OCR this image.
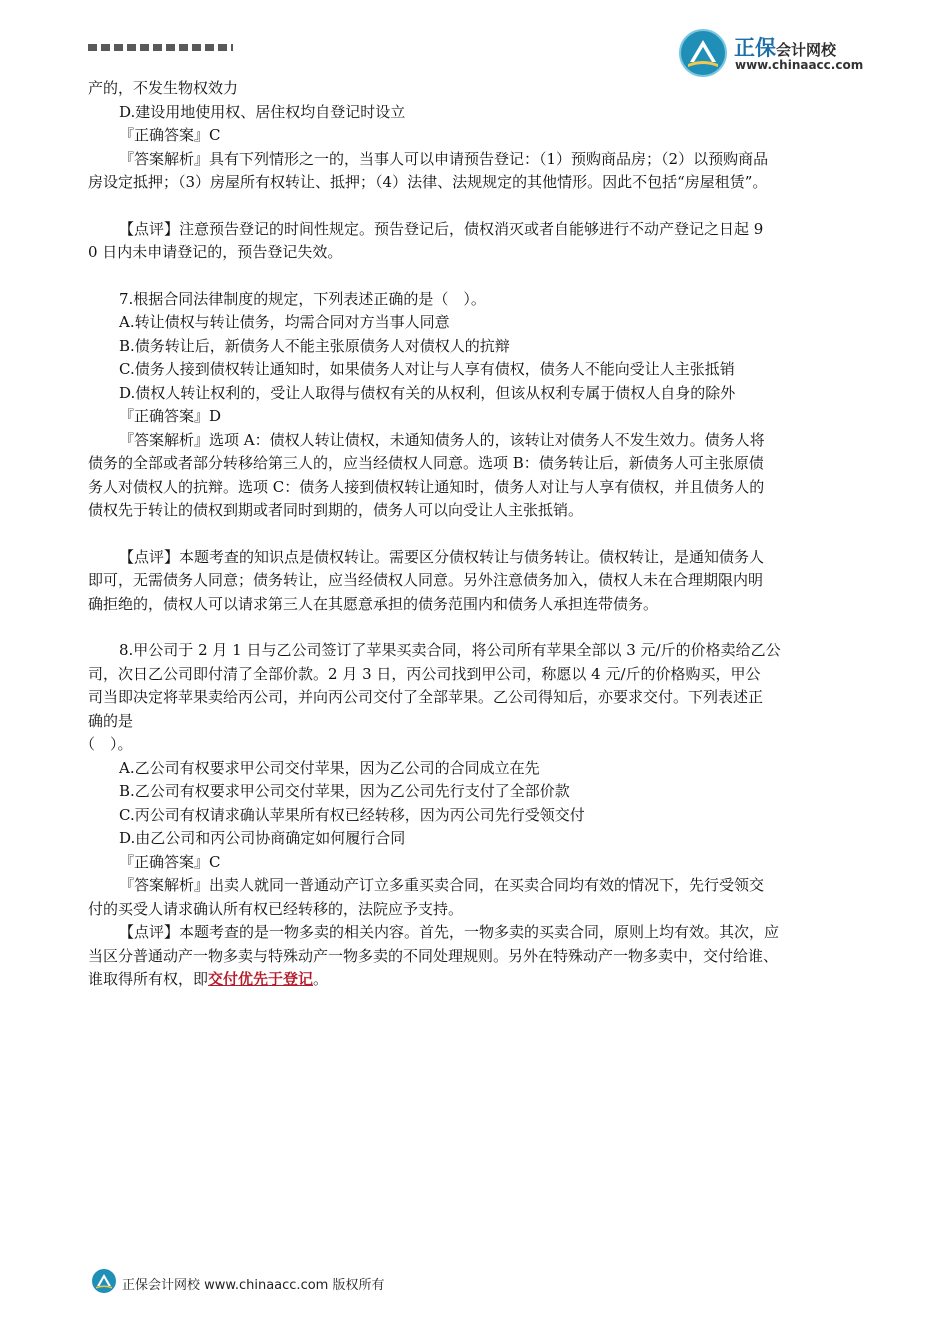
正保会计网校
www.chinaacc.com
产的，不发生物权效力
D.建设用地使用权、居住权均自登记时设立
『正确答案』C
『答案解析』具有下列情形之一的，当事人可以申请预告登记：（1）预购商品房；（2）以预购商品
房设定抵押；（3）房屋所有权转让、抵押；（4）法律、法规规定的其他情形。因此不包括“房屋租赁”。
【点评】注意预告登记的时间性规定。预告登记后，债权消灭或者自能够进行不动产登记之日起 9
0 日内未申请登记的，预告登记失效。
7.根据合同法律制度的规定，下列表述正确的是（　）。
A.转让债权与转让债务，均需合同对方当事人同意
B.债务转让后，新债务人不能主张原债务人对债权人的抗辩
C.债务人接到债权转让通知时，如果债务人对让与人享有债权，债务人不能向受让人主张抵销
D.债权人转让权利的，受让人取得与债权有关的从权利，但该从权利专属于债权人自身的除外
『正确答案』D
『答案解析』选项 A：债权人转让债权，未通知债务人的，该转让对债务人不发生效力。债务人将
债务的全部或者部分转移给第三人的，应当经债权人同意。选项 B：债务转让后，新债务人可主张原债
务人对债权人的抗辩。选项 C：债务人接到债权转让通知时，债务人对让与人享有债权，并且债务人的
债权先于转让的债权到期或者同时到期的，债务人可以向受让人主张抵销。
【点评】本题考查的知识点是债权转让。需要区分债权转让与债务转让。债权转让，是通知债务人
即可，无需债务人同意；债务转让，应当经债权人同意。另外注意债务加入，债权人未在合理期限内明
确拒绝的，债权人可以请求第三人在其愿意承担的债务范围内和债务人承担连带债务。
8.甲公司于 2 月 1 日与乙公司签订了苹果买卖合同，将公司所有苹果全部以 3 元/斤的价格卖给乙公
司，次日乙公司即付清了全部价款。2 月 3 日，丙公司找到甲公司，称愿以 4 元/斤的价格购买，甲公
司当即决定将苹果卖给丙公司，并向丙公司交付了全部苹果。乙公司得知后，亦要求交付。下列表述正
确的是
（　）。
A.乙公司有权要求甲公司交付苹果，因为乙公司的合同成立在先
B.乙公司有权要求甲公司交付苹果，因为乙公司先行支付了全部价款
C.丙公司有权请求确认苹果所有权已经转移，因为丙公司先行受领交付
D.由乙公司和丙公司协商确定如何履行合同
『正确答案』C
『答案解析』出卖人就同一普通动产订立多重买卖合同，在买卖合同均有效的情况下，先行受领交
付的买受人请求确认所有权已经转移的，法院应予支持。
【点评】本题考查的是一物多卖的相关内容。首先，一物多卖的买卖合同，原则上均有效。其次，应
当区分普通动产一物多卖与特殊动产一物多卖的不同处理规则。另外在特殊动产一物多卖中，交付给谁、
谁取得所有权，即交付优先于登记。
正保会计网校 www.chinaacc.com 版权所有
